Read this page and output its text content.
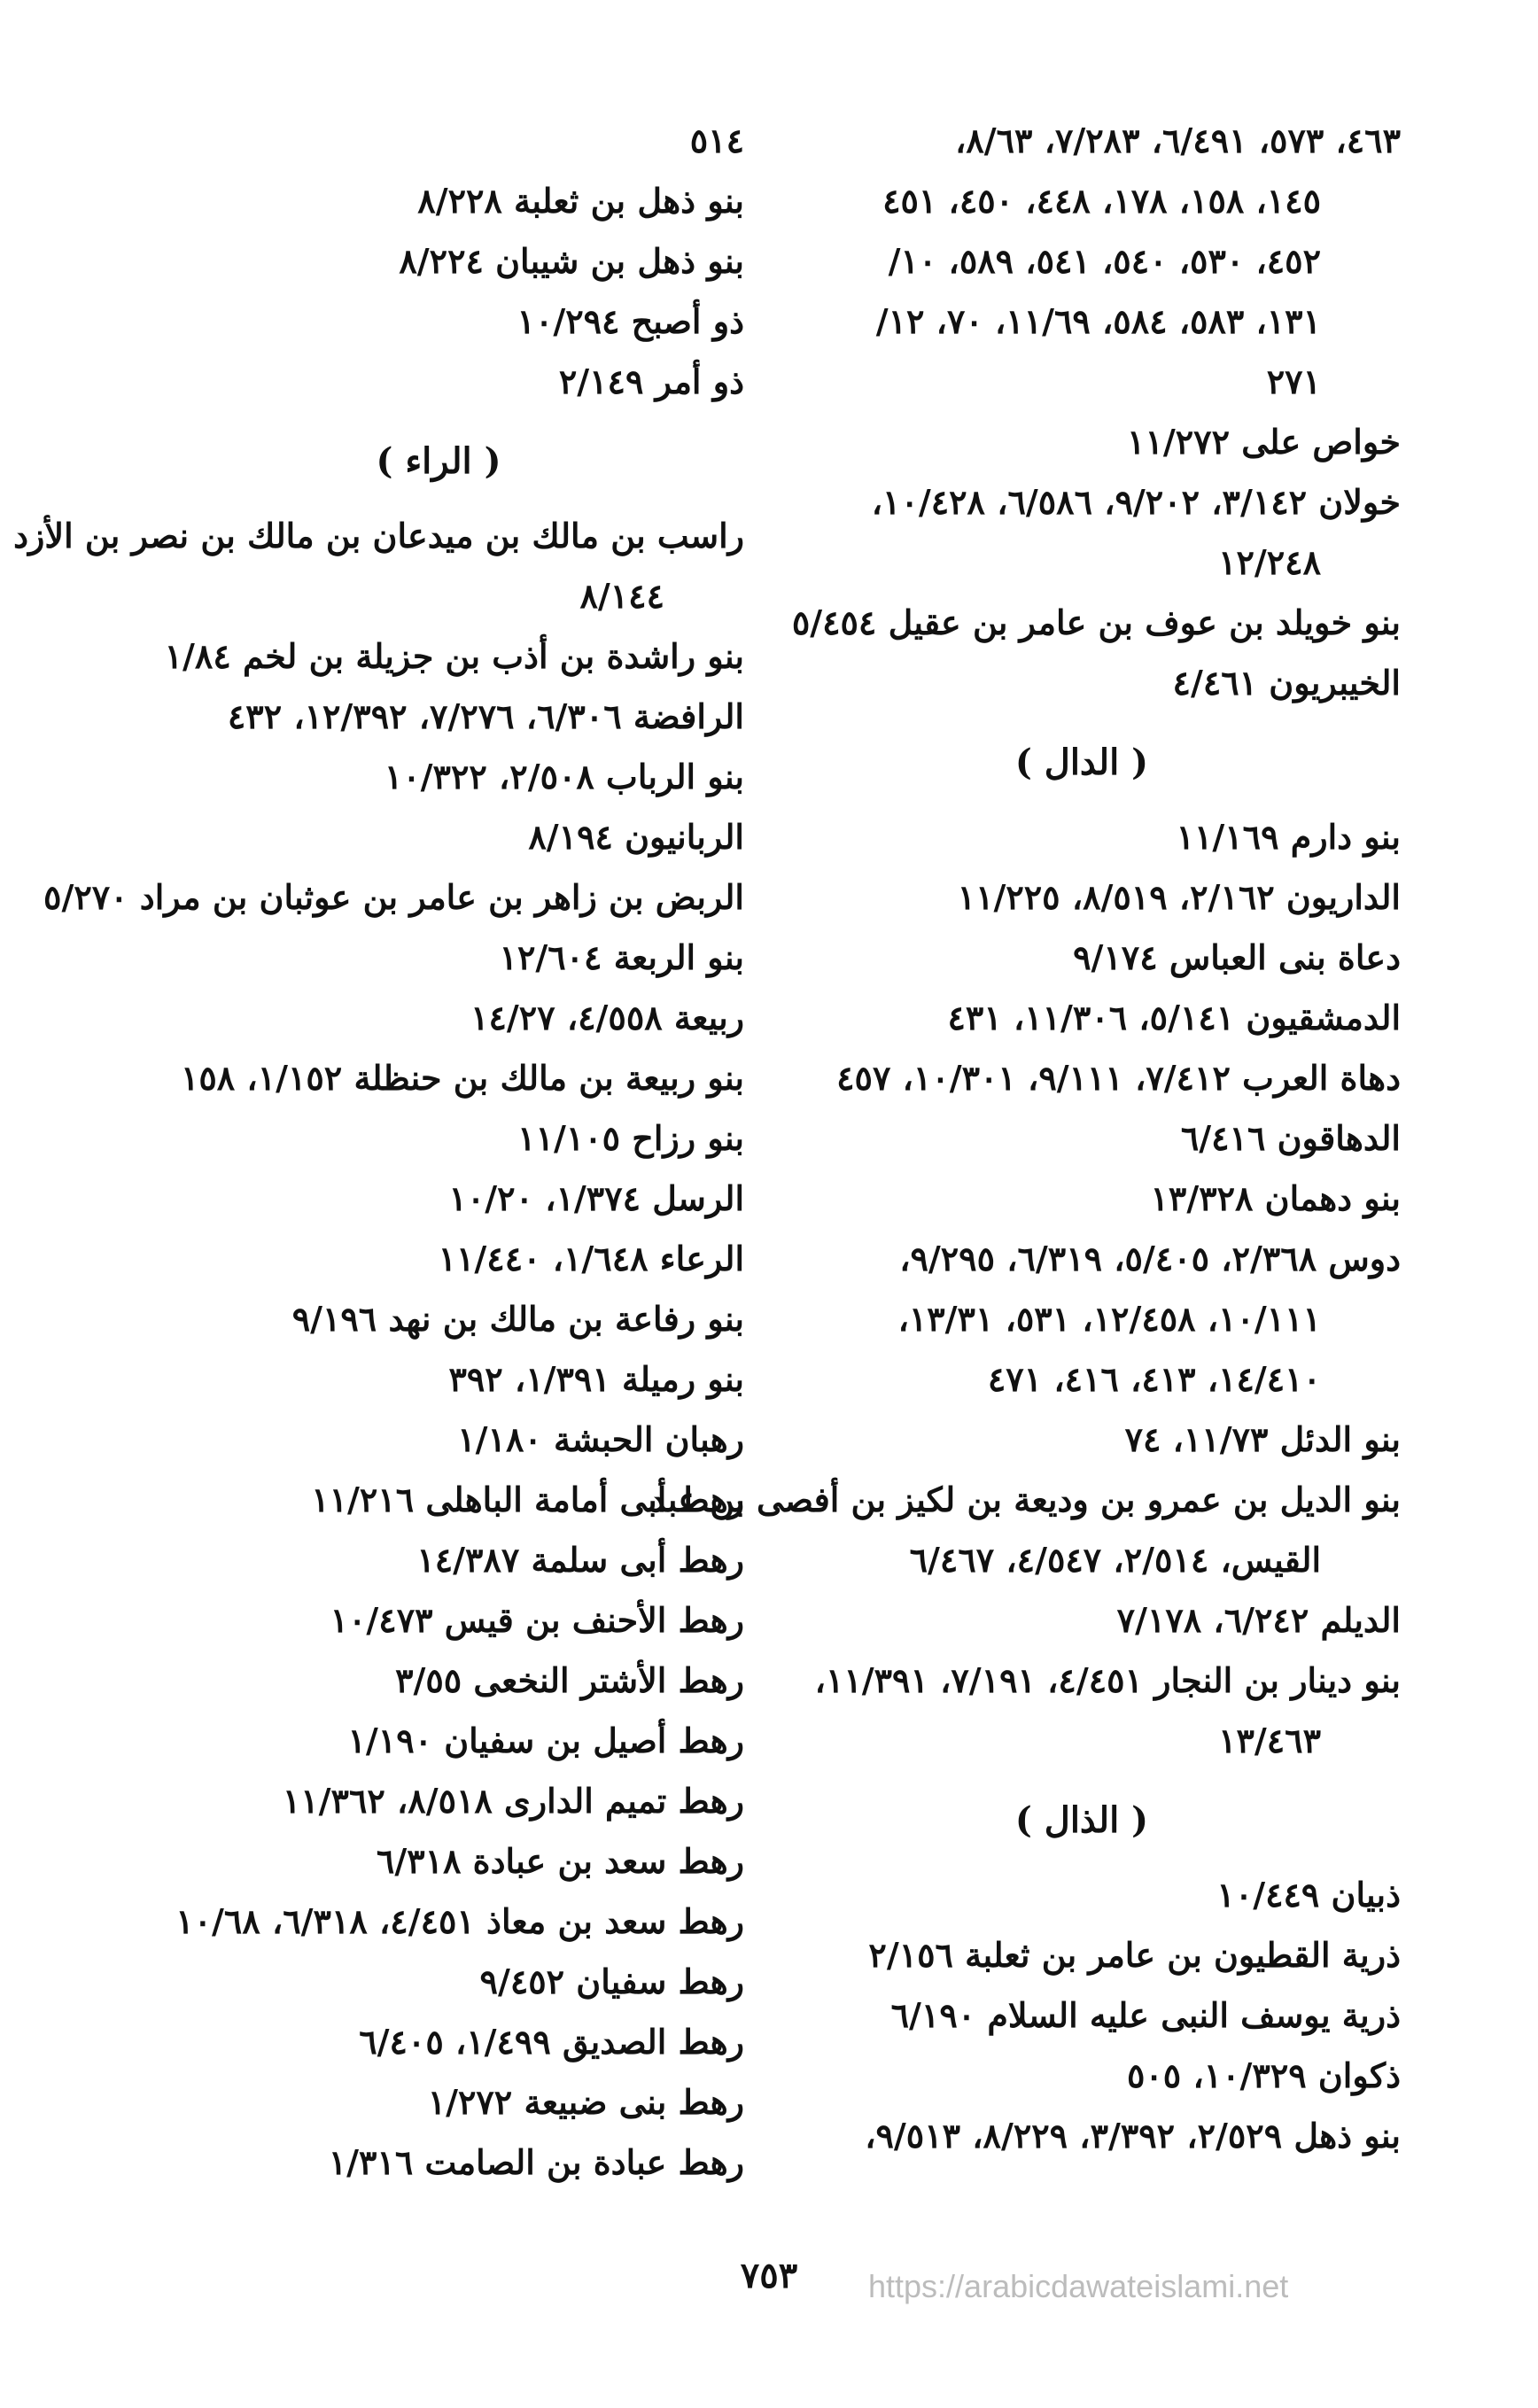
٤٦٣، ٥٧٣، ٦/٤٩١، ٧/٢٨٣، ٨/٦٣،
١٤٥، ١٥٨، ١٧٨، ٤٤٨، ٤٥٠، ٤٥١
٤٥٢، ٥٣٠، ٥٤٠، ٥٤١، ٥٨٩، ١٠/
١٣١، ٥٨٣، ٥٨٤، ١١/٦٩، ٧٠، ١٢/
٢٧١
خواص على ١١/٢٧٢
خولان ٣/١٤٢، ٩/٢٠٢، ٦/٥٨٦، ١٠/٤٢٨،
١٢/٢٤٨
بنو خويلد بن عوف بن عامر بن عقيل ٥/٤٥٤
الخيبريون ٤/٤٦١
( الدال )
بنو دارم ١١/١٦٩
الداريون ٢/١٦٢، ٨/٥١٩، ١١/٢٢٥
دعاة بنى العباس ٩/١٧٤
الدمشقيون ٥/١٤١، ١١/٣٠٦، ٤٣١
دهاة العرب ٧/٤١٢، ٩/١١١، ١٠/٣٠١، ٤٥٧
الدهاقون ٦/٤١٦
بنو دهمان ١٣/٣٢٨
دوس ٢/٣٦٨، ٥/٤٠٥، ٦/٣١٩، ٩/٢٩٥،
١٠/١١١، ١٢/٤٥٨، ٥٣١، ١٣/٣١،
١٤/٤١٠، ٤١٣، ٤١٦، ٤٧١
بنو الدئل ١١/٧٣، ٧٤
بنو الديل بن عمرو بن وديعة بن لكيز بن أفصى بن عبد
القيس، ٢/٥١٤، ٤/٥٤٧، ٦/٤٦٧
الديلم ٦/٢٤٢، ٧/١٧٨
بنو دينار بن النجار ٤/٤٥١، ٧/١٩١، ١١/٣٩١،
١٣/٤٦٣
( الذال )
ذبيان ١٠/٤٤٩
ذرية القطيون بن عامر بن ثعلبة ٢/١٥٦
ذرية يوسف النبى عليه السلام ٦/١٩٠
ذكوان ١٠/٣٢٩، ٥٠٥
بنو ذهل ٢/٥٢٩، ٣/٣٩٢، ٨/٢٢٩، ٩/٥١٣،
٥١٤
بنو ذهل بن ثعلبة ٨/٢٢٨
بنو ذهل بن شيبان ٨/٢٢٤
ذو أصبح ١٠/٢٩٤
ذو أمر ٢/١٤٩
( الراء )
راسب بن مالك بن ميدعان بن مالك بن نصر بن الأزد
٨/١٤٤
بنو راشدة بن أذب بن جزيلة بن لخم ١/٨٤
الرافضة ٦/٣٠٦، ٧/٢٧٦، ١٢/٣٩٢، ٤٣٢
بنو الرباب ٢/٥٠٨، ١٠/٣٢٢
الربانيون ٨/١٩٤
الربض بن زاهر بن عامر بن عوثبان بن مراد ٥/٢٧٠
بنو الربعة ١٢/٦٠٤
ربيعة ٤/٥٥٨، ١٤/٢٧
بنو ربيعة بن مالك بن حنظلة ١/١٥٢، ١٥٨
بنو رزاح ١١/١٠٥
الرسل ١/٣٧٤، ١٠/٢٠
الرعاء ١/٦٤٨، ١١/٤٤٠
بنو رفاعة بن مالك بن نهد ٩/١٩٦
بنو رميلة ١/٣٩١، ٣٩٢
رهبان الحبشة ١/١٨٠
رهط أبى أمامة الباهلى ١١/٢١٦
رهط أبى سلمة ١٤/٣٨٧
رهط الأحنف بن قيس ١٠/٤٧٣
رهط الأشتر النخعى ٣/٥٥
رهط أصيل بن سفيان ١/١٩٠
رهط تميم الدارى ٨/٥١٨، ١١/٣٦٢
رهط سعد بن عبادة ٦/٣١٨
رهط سعد بن معاذ ٤/٤٥١، ٦/٣١٨، ١٠/٦٨
رهط سفيان ٩/٤٥٢
رهط الصديق ١/٤٩٩، ٦/٤٠٥
رهط بنى ضبيعة ١/٢٧٢
رهط عبادة بن الصامت ١/٣١٦
٧٥٣	https://arabicdawateislami.net
